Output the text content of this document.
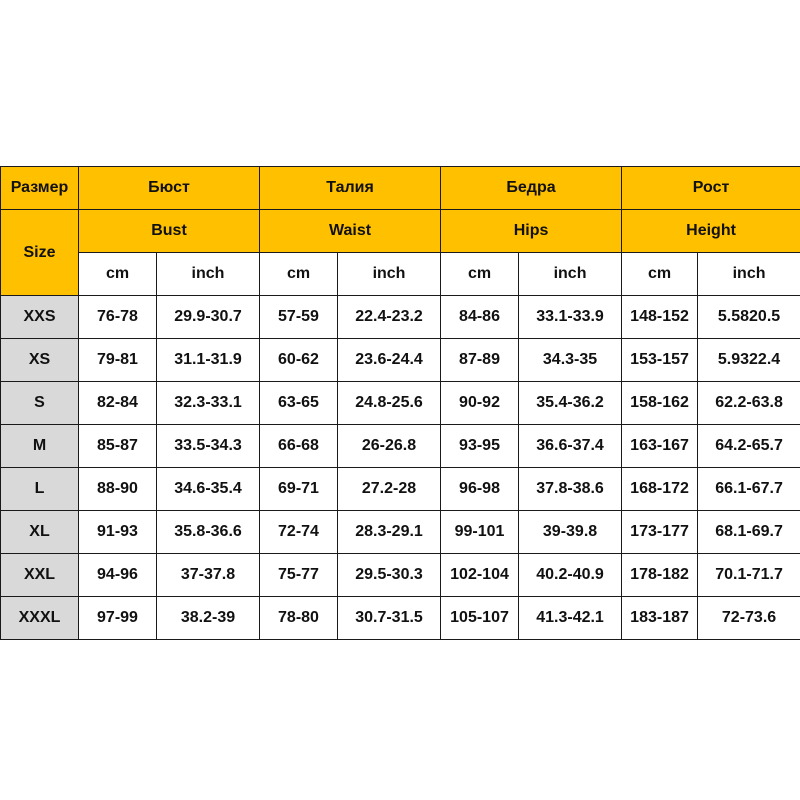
Размер	Бюст		Талия		Бедра		Рост	
Size	Bust		Waist		Hips		Height	
	cm	inch	cm	inch	cm	inch	cm	inch
XXS	76-78	29.9-30.7	57-59	22.4-23.2	84-86	33.1-33.9	148-152	5.5820.5
XS	79-81	31.1-31.9	60-62	23.6-24.4	87-89	34.3-35	153-157	5.9322.4
S	82-84	32.3-33.1	63-65	24.8-25.6	90-92	35.4-36.2	158-162	62.2-63.8
M	85-87	33.5-34.3	66-68	26-26.8	93-95	36.6-37.4	163-167	64.2-65.7
L	88-90	34.6-35.4	69-71	27.2-28	96-98	37.8-38.6	168-172	66.1-67.7
XL	91-93	35.8-36.6	72-74	28.3-29.1	99-101	39-39.8	173-177	68.1-69.7
XXL	94-96	37-37.8	75-77	29.5-30.3	102-104	40.2-40.9	178-182	70.1-71.7
XXXL	97-99	38.2-39	78-80	30.7-31.5	105-107	41.3-42.1	183-187	72-73.6
